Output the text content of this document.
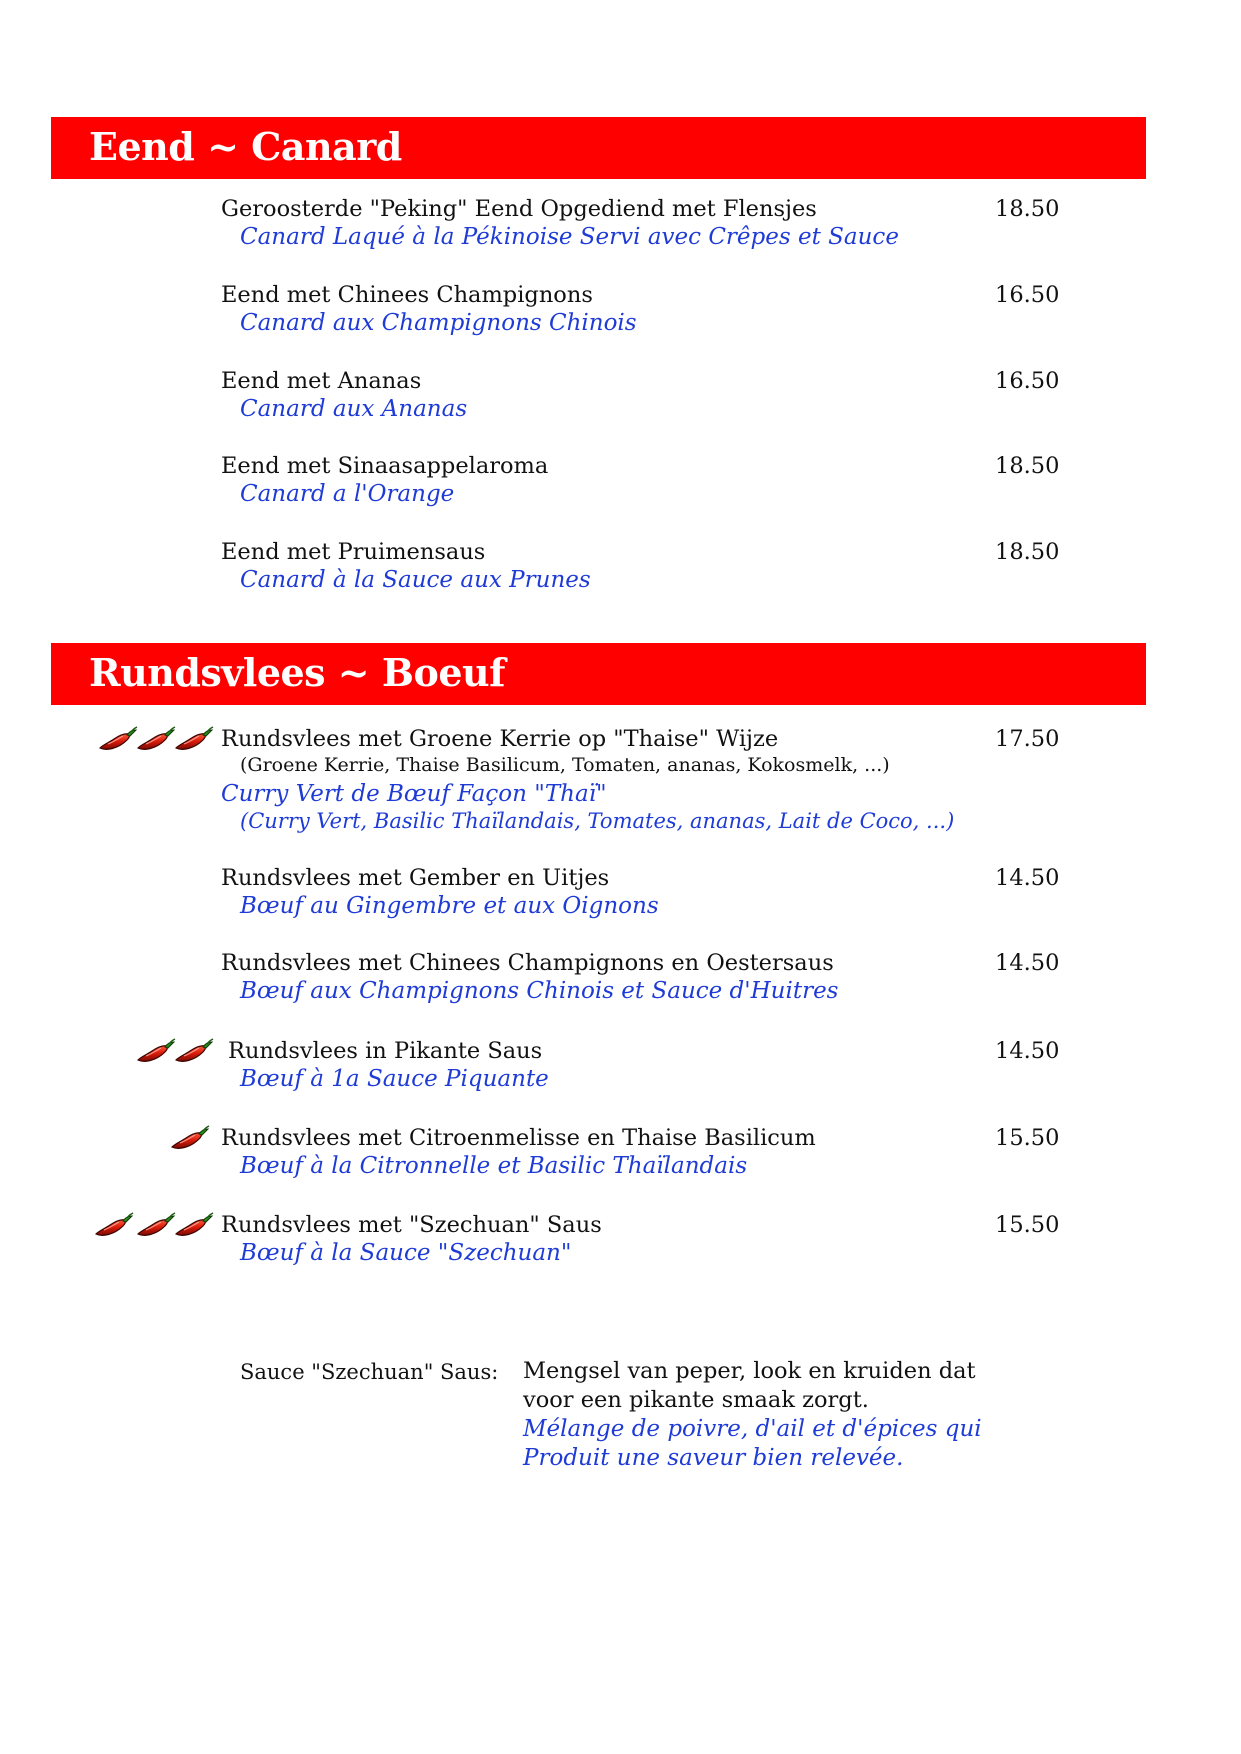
Eend ~ Canard
Geroosterde "Peking" Eend Opgediend met Flensjes
Canard Laqué à la Pékinoise Servi avec Crêpes et Sauce
18.50
Eend met Chinees Champignons
Canard aux Champignons Chinois
16.50
Eend met Ananas
Canard aux Ananas
16.50
Eend met Sinaasappelaroma
Canard a l'Orange
18.50
Eend met Pruimensaus
Canard à la Sauce aux Prunes
18.50
Rundsvlees ~ Boeuf
Rundsvlees met Groene Kerrie op "Thaise" Wijze
(Groene Kerrie, Thaise Basilicum, Tomaten, ananas, Kokosmelk, ...)
Curry Vert de Bœuf Façon "Thaï"
(Curry Vert, Basilic Thaïlandais, Tomates, ananas, Lait de Coco, ...)
17.50
Rundsvlees met Gember en Uitjes
Bœuf au Gingembre et aux Oignons
14.50
Rundsvlees met Chinees Champignons en Oestersaus
Bœuf aux Champignons Chinois et Sauce d'Huitres
14.50
Rundsvlees in Pikante Saus
Bœuf à 1a Sauce Piquante
14.50
Rundsvlees met Citroenmelisse en Thaise Basilicum
Bœuf à la Citronnelle et Basilic Thaïlandais
15.50
Rundsvlees met "Szechuan" Saus
Bœuf à la Sauce "Szechuan"
15.50
Sauce "Szechuan" Saus: Mengsel van peper, look en kruiden dat
voor een pikante smaak zorgt.
Mélange de poivre, d'ail et d'épices qui
Produit une saveur bien relevée.
